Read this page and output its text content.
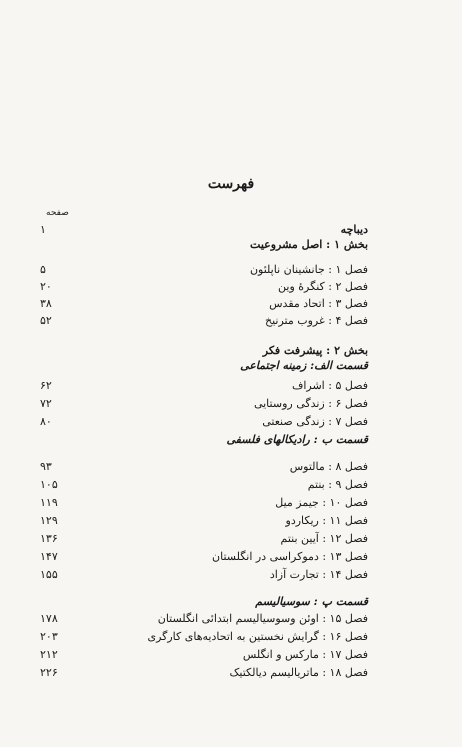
فهرست
صفحه
۱	دیباچه
بخش ۱ : اصل مشروعیت
۵	فصل ۱ : جانشینان ناپلئون
۲۰	فصل ۲ : کنگرهٔ وین
۳۸	فصل ۳ : اتحاد مقدس
۵۲	فصل ۴ : غروب مترنیخ
بخش ۲ : پیشرفت فکر
قسمت الف: زمینه اجتماعی
۶۲	فصل ۵ : اشراف
۷۲	فصل ۶ : زندگی روستایی
۸۰	فصل ۷ : زندگی صنعتی
قسمت ب : رادیکالهای فلسفی
۹۳	فصل ۸ : مالتوس
۱۰۵	فصل ۹ : بنتم
۱۱۹	فصل ۱۰ : جیمز میل
۱۲۹	فصل ۱۱ : ریکاردو
۱۳۶	فصل ۱۲ : آیین بنتم
۱۴۷	فصل ۱۳ : دموکراسی در انگلستان
۱۵۵	فصل ۱۴ : تجارت آزاد
قسمت پ : سوسیالیسم
۱۷۸	فصل ۱۵ : اوئن وسوسیالیسم ابتدائی انگلستان
۲۰۳	فصل ۱۶ : گرایش نخستین به اتحادیه‌های کارگری
۲۱۲	فصل ۱۷ : مارکس و انگلس
۲۲۶	فصل ۱۸ : ماتریالیسم دیالکتیک
